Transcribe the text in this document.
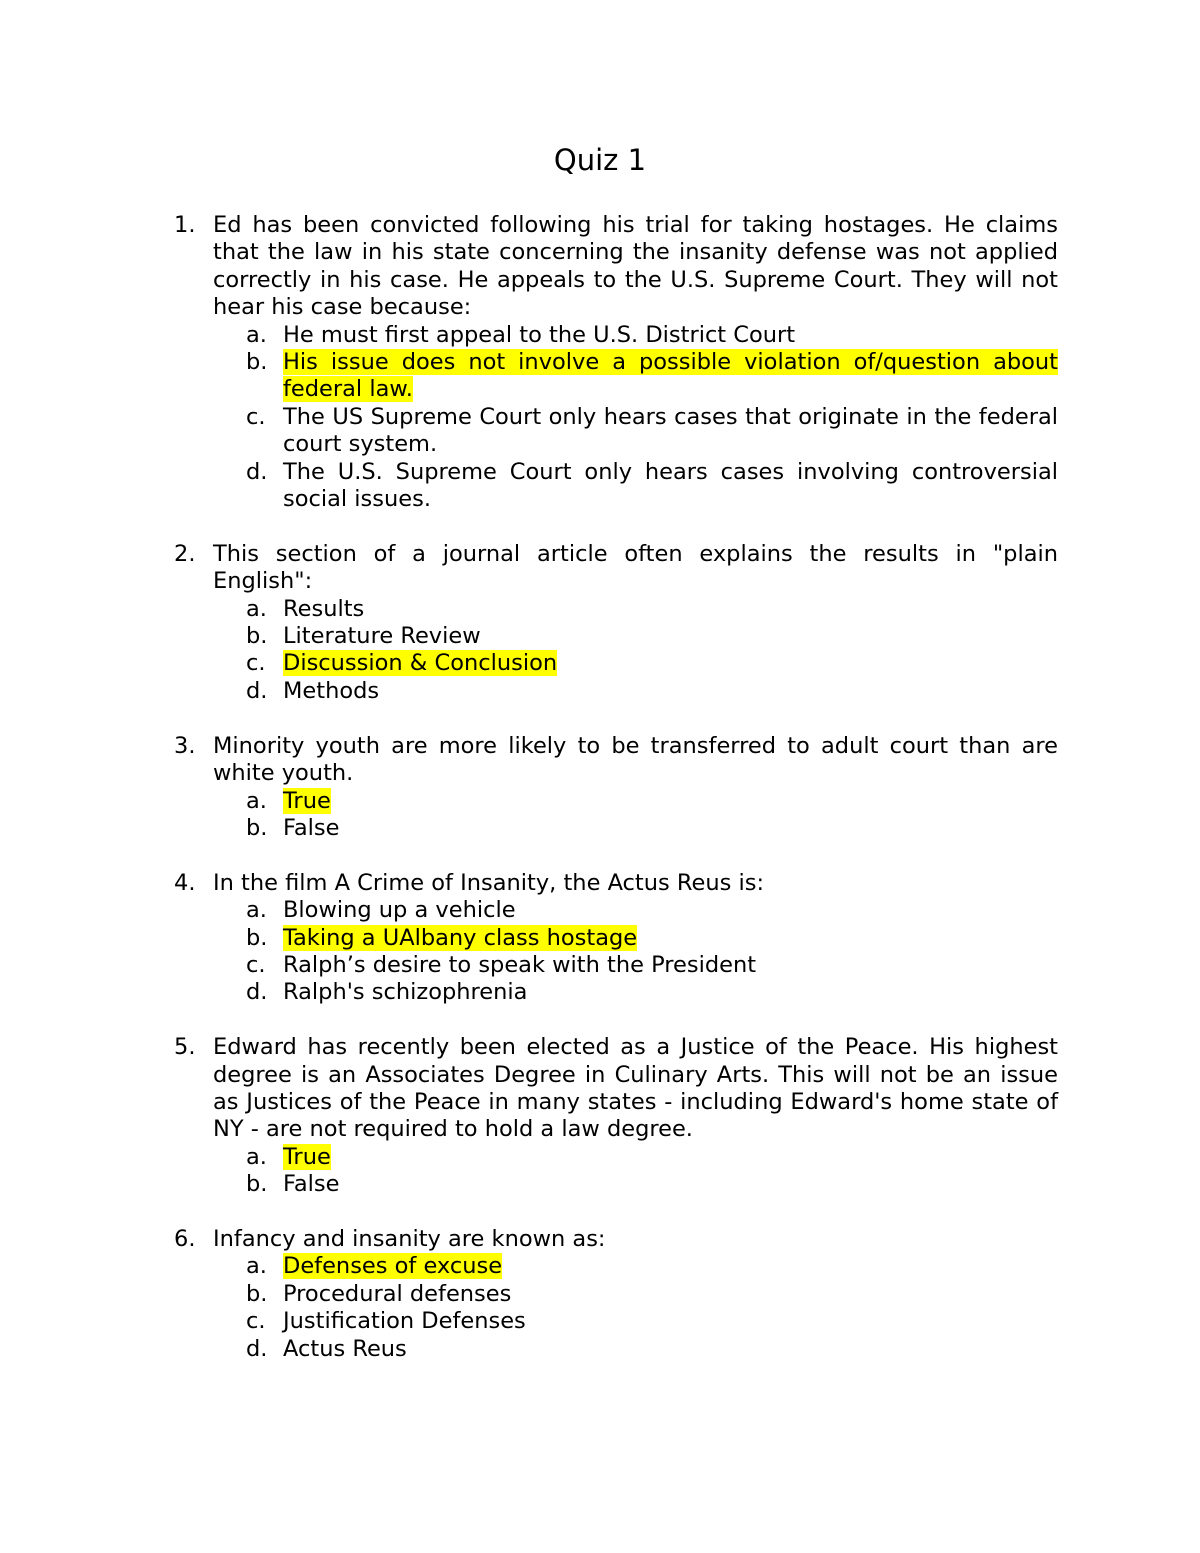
Quiz 1
1. Ed has been convicted following his trial for taking hostages. He claims that the law in his state concerning the insanity defense was not applied correctly in his case. He appeals to the U.S. Supreme Court. They will not hear his case because:
a. He must first appeal to the U.S. District Court
b. His issue does not involve a possible violation of/question about federal law.
c. The US Supreme Court only hears cases that originate in the federal court system.
d. The U.S. Supreme Court only hears cases involving controversial social issues.
2. This section of a journal article often explains the results in "plain English":
a. Results
b. Literature Review
c. Discussion & Conclusion
d. Methods
3. Minority youth are more likely to be transferred to adult court than are white youth.
a. True
b. False
4. In the film A Crime of Insanity, the Actus Reus is:
a. Blowing up a vehicle
b. Taking a UAlbany class hostage
c. Ralph’s desire to speak with the President
d. Ralph's schizophrenia
5. Edward has recently been elected as a Justice of the Peace. His highest degree is an Associates Degree in Culinary Arts. This will not be an issue as Justices of the Peace in many states - including Edward's home state of NY - are not required to hold a law degree.
a. True
b. False
6. Infancy and insanity are known as:
a. Defenses of excuse
b. Procedural defenses
c. Justification Defenses
d. Actus Reus
